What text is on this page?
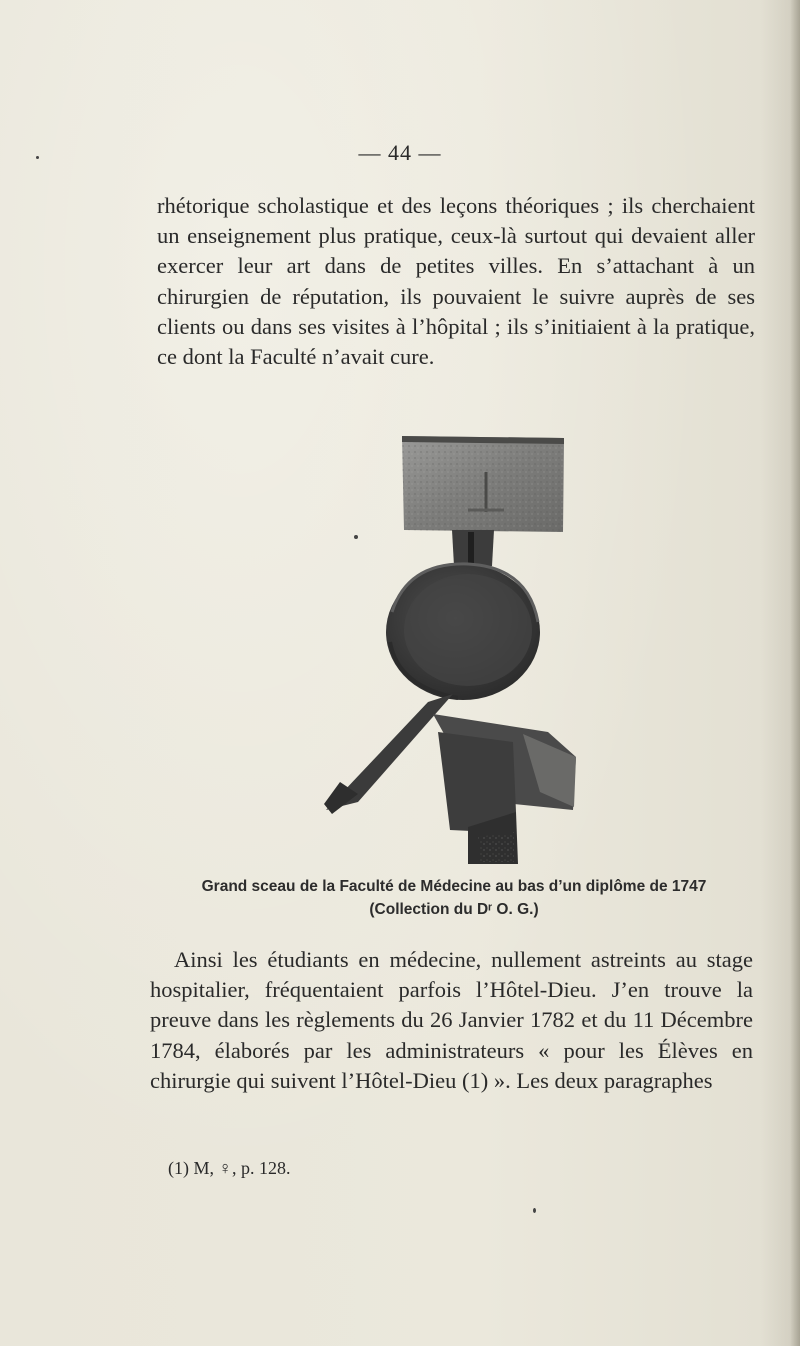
— 44 —

rhétorique scholastique et des leçons théoriques ; ils cherchaient un enseignement plus pratique, ceux-là surtout qui devaient aller exercer leur art dans de petites villes. En s’attachant à un chirurgien de réputation, ils pouvaient le suivre auprès de ses clients ou dans ses visites à l’hôpital ; ils s’initiaient à la pratique, ce dont la Faculté n’avait cure.

Grand sceau de la Faculté de Médecine au bas d’un diplôme de 1747
(Collection du Dʳ O. G.)

Ainsi les étudiants en médecine, nullement astreints au stage hospitalier, fréquentaient parfois l’Hôtel-Dieu. J’en trouve la preuve dans les règlements du 26 Janvier 1782 et du 11 Décembre 1784, élaborés par les administrateurs « pour les Élèves en chirurgie qui suivent l’Hôtel-Dieu (1) ». Les deux paragraphes

(1) M, ♀, p. 128.
